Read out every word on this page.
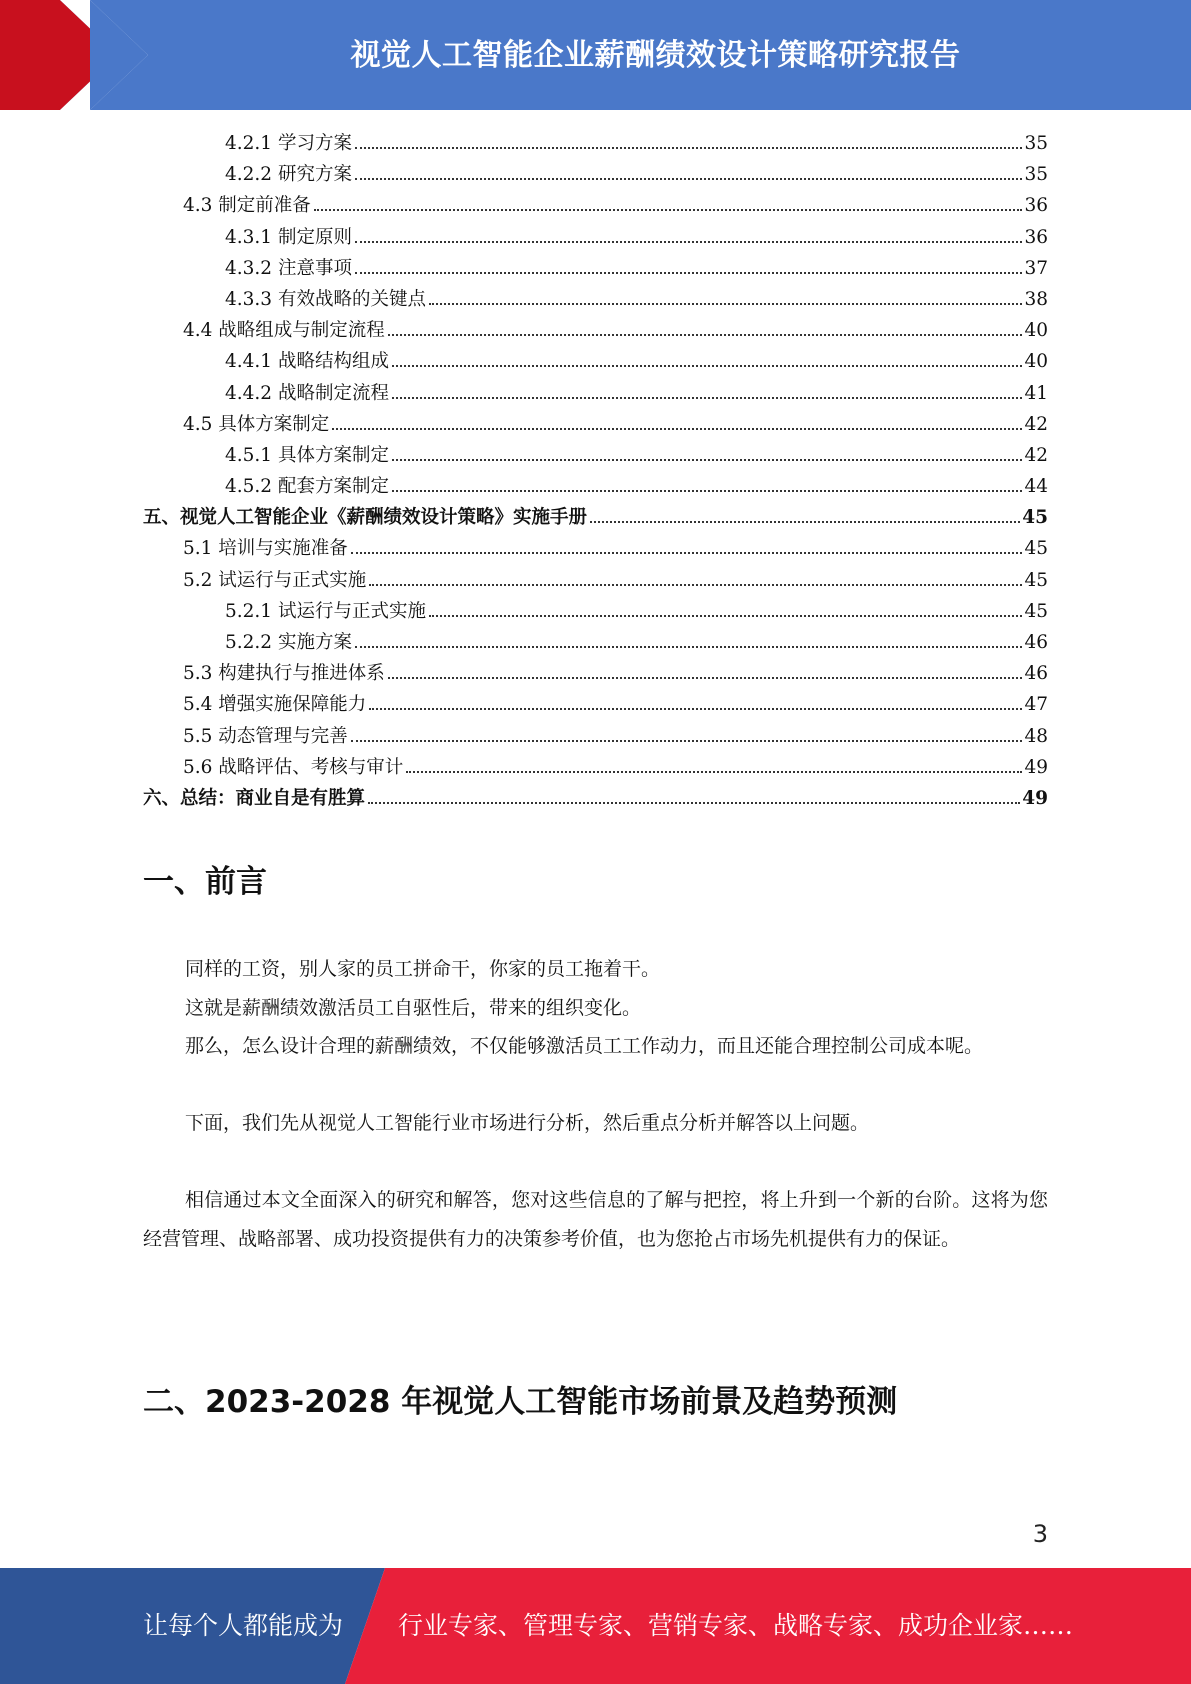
视觉人工智能企业薪酬绩效设计策略研究报告
4.2.1 学习方案	35
4.2.2 研究方案	35
4.3 制定前准备	36
4.3.1 制定原则	36
4.3.2 注意事项	37
4.3.3 有效战略的关键点	38
4.4 战略组成与制定流程	40
4.4.1 战略结构组成	40
4.4.2 战略制定流程	41
4.5 具体方案制定	42
4.5.1 具体方案制定	42
4.5.2 配套方案制定	44
五、视觉人工智能企业《薪酬绩效设计策略》实施手册	45
5.1 培训与实施准备	45
5.2 试运行与正式实施	45
5.2.1 试运行与正式实施	45
5.2.2 实施方案	46
5.3 构建执行与推进体系	46
5.4 增强实施保障能力	47
5.5 动态管理与完善	48
5.6 战略评估、考核与审计	49
六、总结：商业自是有胜算	49
一、前言

同样的工资，别人家的员工拼命干，你家的员工拖着干。

这就是薪酬绩效激活员工自驱性后，带来的组织变化。

那么，怎么设计合理的薪酬绩效，不仅能够激活员工工作动力，而且还能合理控制公司成本呢。

下面，我们先从视觉人工智能行业市场进行分析，然后重点分析并解答以上问题。

相信通过本文全面深入的研究和解答，您对这些信息的了解与把控，将上升到一个新的台阶。这将为您经营管理、战略部署、成功投资提供有力的决策参考价值，也为您抢占市场先机提供有力的保证。

二、2023-2028 年视觉人工智能市场前景及趋势预测
3
让每个人都能成为 行业专家、管理专家、营销专家、战略专家、成功企业家……
